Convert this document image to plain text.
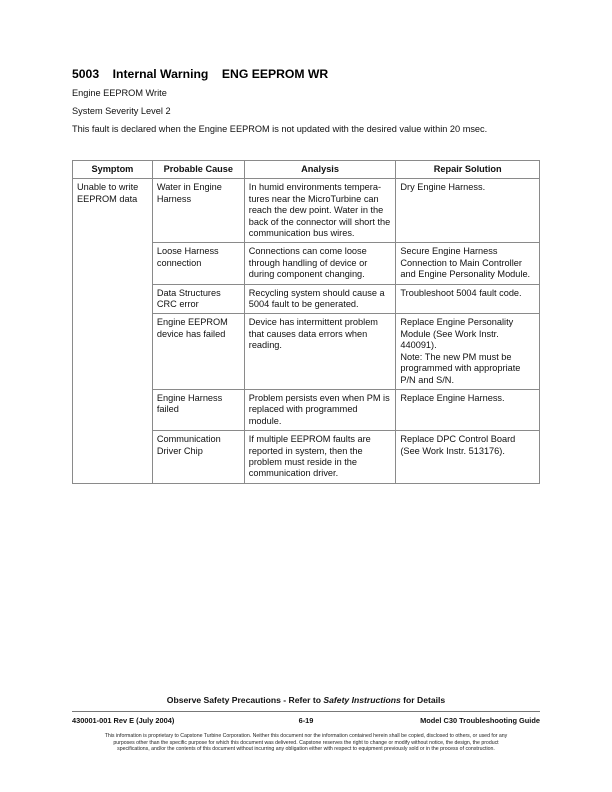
5003    Internal Warning    ENG EEPROM WR
Engine EEPROM Write
System Severity Level 2
This fault is declared when the Engine EEPROM is not updated with the desired value within 20 msec.
Symptom	Probable Cause	Analysis	Repair Solution
Unable to write EEPROM data	Water in Engine Harness	In humid environments tempera-tures near the MicroTurbine can reach the dew point. Water in the back of the connector will short the communication bus wires.	Dry Engine Harness.
	Loose Harness connection	Connections can come loose through handling of device or during component changing.	Secure Engine Harness Connection to Main Controller and Engine Personality Module.
	Data Structures CRC error	Recycling system should cause a 5004 fault to be generated.	Troubleshoot 5004 fault code.
	Engine EEPROM device has failed	Device has intermittent problem that causes data errors when reading.	Replace Engine Personality Module (See Work Instr. 440091).
Note: The new PM must be programmed with appropriate P/N and S/N.

	Engine Harness failed	Problem persists even when PM is replaced with programmed module.	Replace Engine Harness.
	Communication Driver Chip	If multiple EEPROM faults are reported in system, then the problem must reside in the communication driver.	Replace DPC Control Board (See Work Instr. 513176).
Observe Safety Precautions - Refer to Safety Instructions for Details
430001-001 Rev E (July 2004)	6-19	Model C30 Troubleshooting Guide
This information is proprietary to Capstone Turbine Corporation. Neither this document nor the information contained herein shall be copied, disclosed to others, or used for any
purposes other than the specific purpose for which this document was delivered. Capstone reserves the right to change or modify without notice, the design, the product
specifications, and/or the contents of this document without incurring any obligation either with respect to equipment previously sold or in the process of construction.
